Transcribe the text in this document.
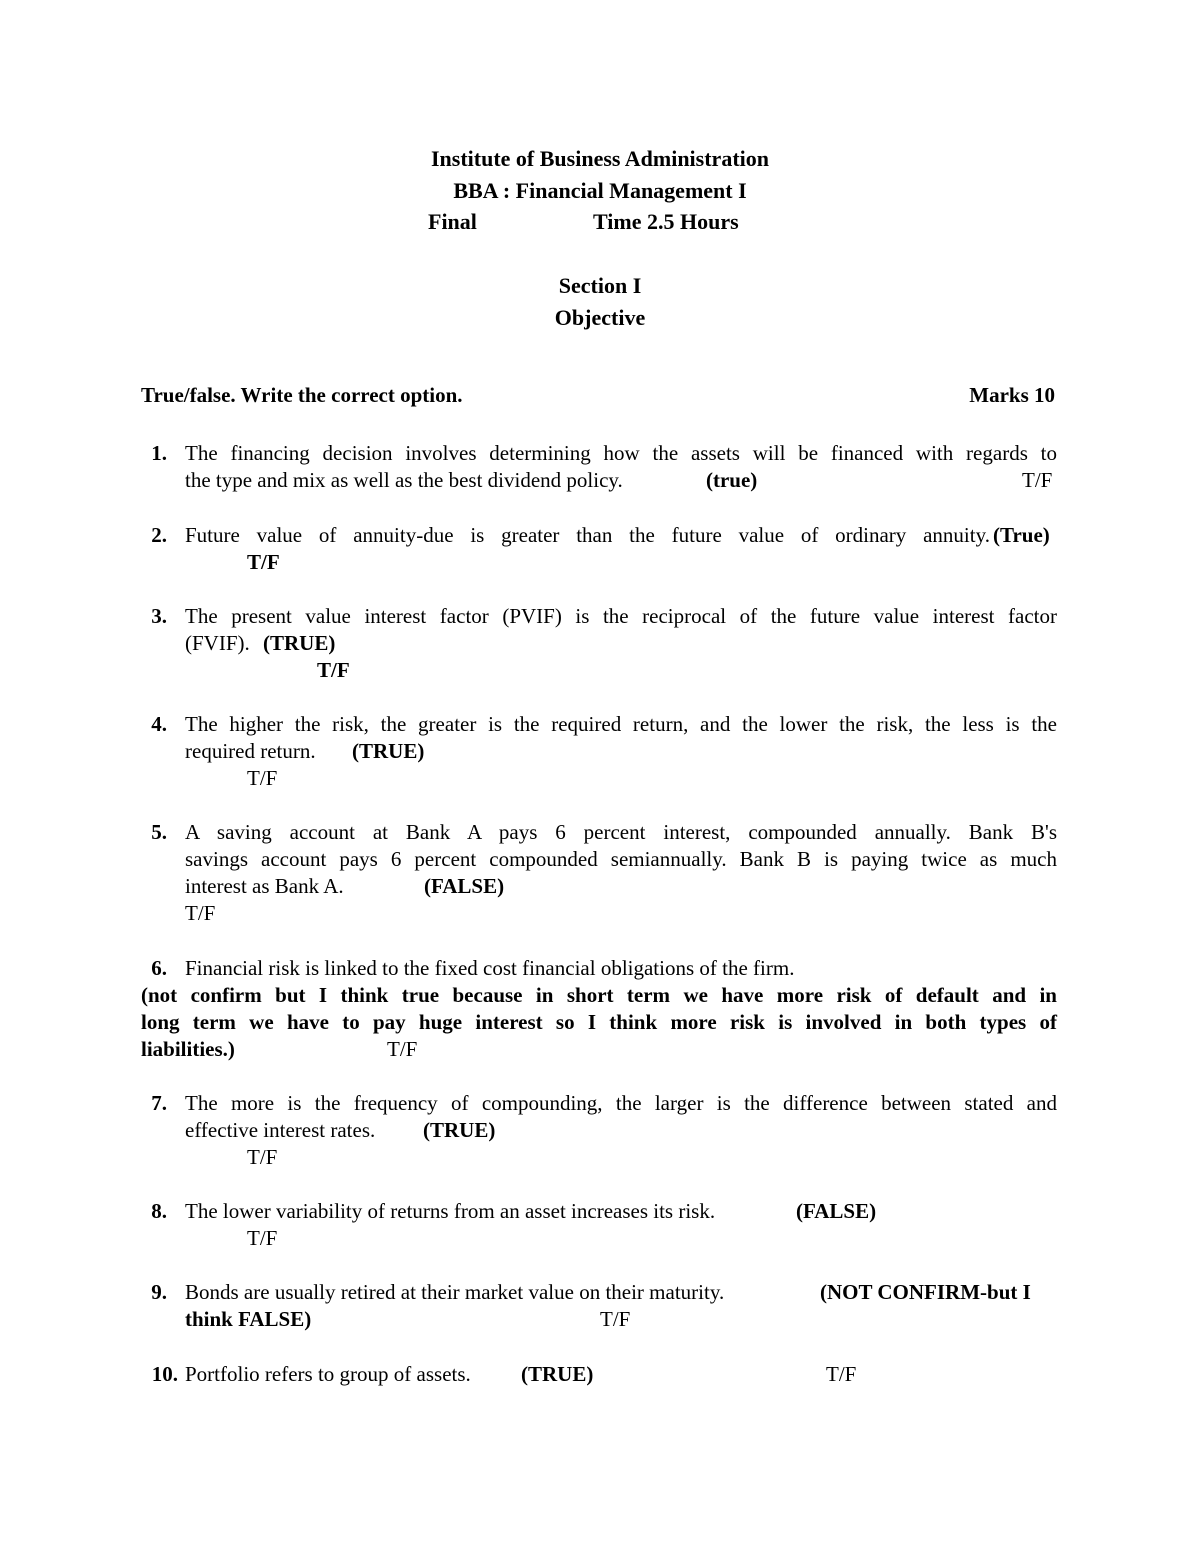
Institute of Business Administration
BBA : Financial Management I
Final	Time 2.5 Hours
Section I
Objective
True/false. Write the correct option.	Marks 10
1. The financing decision involves determining how the assets will be financed with regards to
the type and mix as well as the best dividend policy.	(true)	T/F
2. Future value of annuity-due is greater than the future value of ordinary annuity. (True)
T/F
3. The present value interest factor (PVIF) is the reciprocal of the future value interest factor
(FVIF). (TRUE)
T/F
4. The higher the risk, the greater is the required return, and the lower the risk, the less is the
required return. (TRUE)
T/F
5. A saving account at Bank A pays 6 percent interest, compounded annually. Bank B's
savings account pays 6 percent compounded semiannually. Bank B is paying twice as much
interest as Bank A.	(FALSE)
T/F
6. Financial risk is linked to the fixed cost financial obligations of the firm.
(not confirm but I think true because in short term we have more risk of default and in
long term we have to pay huge interest so I think more risk is involved in both types of
liabilities.)	T/F
7. The more is the frequency of compounding, the larger is the difference between stated and
effective interest rates. (TRUE)
T/F
8. The lower variability of returns from an asset increases its risk.	(FALSE)
T/F
9. Bonds are usually retired at their market value on their maturity.	(NOT CONFIRM-but I
think FALSE)	T/F
10. Portfolio refers to group of assets. (TRUE)	T/F
